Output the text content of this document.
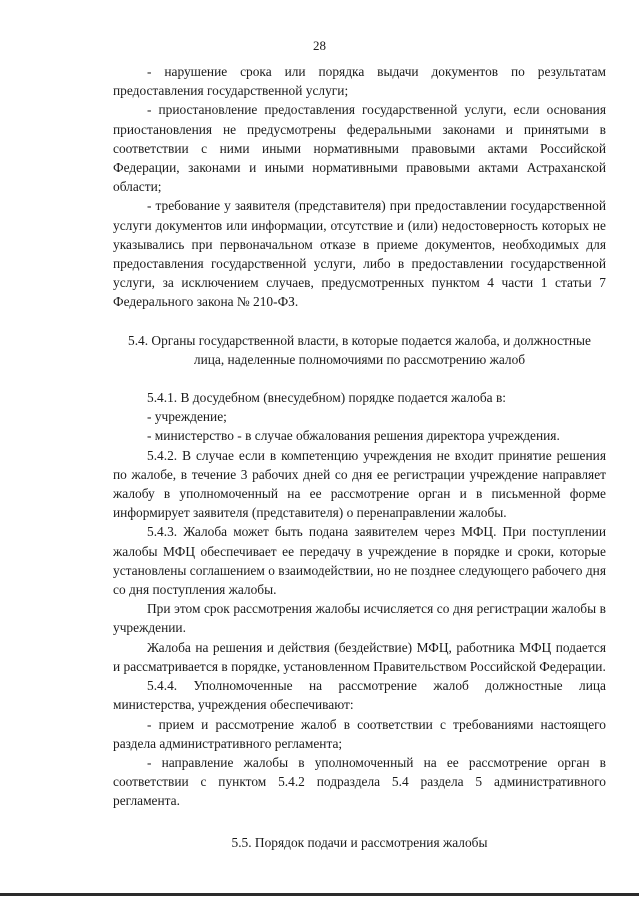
28

- нарушение срока или порядка выдачи документов по результатам предоставления государственной услуги;

- приостановление предоставления государственной услуги, если основания приостановления не предусмотрены федеральными законами и принятыми в соответствии с ними иными нормативными правовыми актами Российской Федерации, законами и иными нормативными правовыми актами Астраханской области;

- требование у заявителя (представителя) при предоставлении государственной услуги документов или информации, отсутствие и (или) недостоверность которых не указывались при первоначальном отказе в приеме документов, необходимых для предоставления государственной услуги, либо в предоставлении государственной услуги, за исключением случаев, предусмотренных пунктом 4 части 1 статьи 7 Федерального закона № 210-ФЗ.

5.4. Органы государственной власти, в которые подается жалоба, и должностные лица, наделенные полномочиями по рассмотрению жалоб

5.4.1. В досудебном (внесудебном) порядке подается жалоба в:

- учреждение;

- министерство - в случае обжалования решения директора учреждения.

5.4.2. В случае если в компетенцию учреждения не входит принятие решения по жалобе, в течение 3 рабочих дней со дня ее регистрации учреждение направляет жалобу в уполномоченный на ее рассмотрение орган и в письменной форме информирует заявителя (представителя) о перенаправлении жалобы.

5.4.3. Жалоба может быть подана заявителем через МФЦ. При поступлении жалобы МФЦ обеспечивает ее передачу в учреждение в порядке и сроки, которые установлены соглашением о взаимодействии, но не позднее следующего рабочего дня со дня поступления жалобы.

При этом срок рассмотрения жалобы исчисляется со дня регистрации жалобы в учреждении.

Жалоба на решения и действия (бездействие) МФЦ, работника МФЦ подается и рассматривается в порядке, установленном Правительством Российской Федерации.

5.4.4. Уполномоченные на рассмотрение жалоб должностные лица министерства, учреждения обеспечивают:

- прием и рассмотрение жалоб в соответствии с требованиями настоящего раздела административного регламента;

- направление жалобы в уполномоченный на ее рассмотрение орган в соответствии с пунктом 5.4.2 подраздела 5.4 раздела 5 административного регламента.

5.5. Порядок подачи и рассмотрения жалобы
